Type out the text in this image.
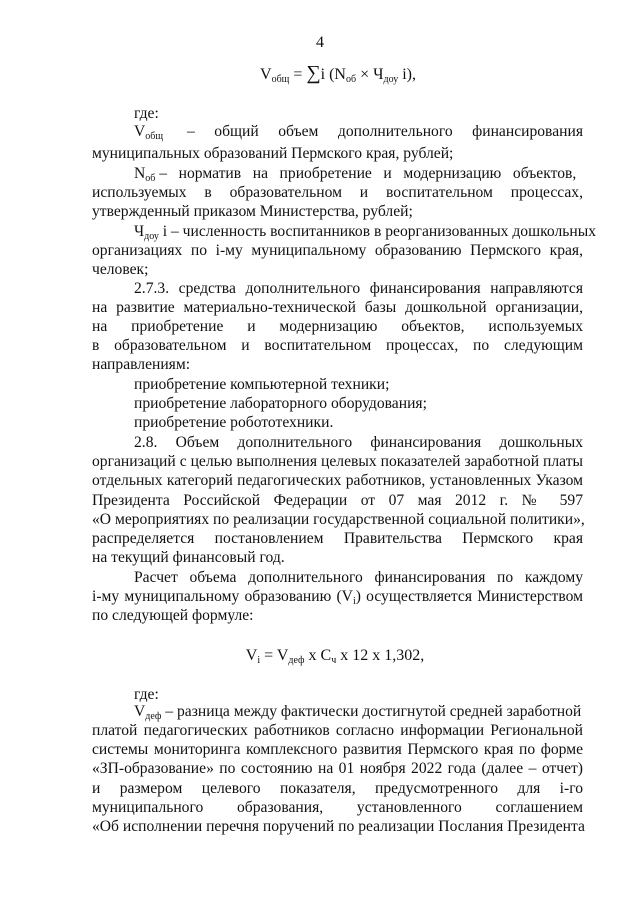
4
$V_{общ} = \sum i$ ($N_{об} \times Ч_{доу}$ i),
где:
$V_{общ}$ – общий объем дополнительного финансирования
муниципальных образований Пермского края, рублей;
$N_{об}$ – норматив на приобретение и модернизацию объектов,
используемых в образовательном и воспитательном процессах,
утвержденный приказом Министерства, рублей;
$Ч_{доу}$ i – численность воспитанников в реорганизованных дошкольных
организациях по i-му муниципальному образованию Пермского края,
человек;
2.7.3. средства дополнительного финансирования направляются
на развитие материально-технической базы дошкольной организации,
на приобретение и модернизацию объектов, используемых
в образовательном и воспитательном процессах, по следующим
направлениям:
приобретение компьютерной техники;
приобретение лабораторного оборудования;
приобретение робототехники.
2.8. Объем дополнительного финансирования дошкольных
организаций с целью выполнения целевых показателей заработной платы
отдельных категорий педагогических работников, установленных Указом
Президента Российской Федерации от 07 мая 2012 г. № 597
«О мероприятиях по реализации государственной социальной политики»,
распределяется постановлением Правительства Пермского края
на текущий финансовый год.
Расчет объема дополнительного финансирования по каждому
i-му муниципальному образованию $(V_i)$ осуществляется Министерством
по следующей формуле:
$V_i = V_{деф}$ х $С_ч$ х 12 х 1,302,
где:
$V_{деф}$ – разница между фактически достигнутой средней заработной
платой педагогических работников согласно информации Региональной
системы мониторинга комплексного развития Пермского края по форме
«ЗП-образование» по состоянию на 01 ноября 2022 года (далее – отчет)
и размером целевого показателя, предусмотренного для i-го
муниципального образования, установленного соглашением
«Об исполнении перечня поручений по реализации Послания Президента
